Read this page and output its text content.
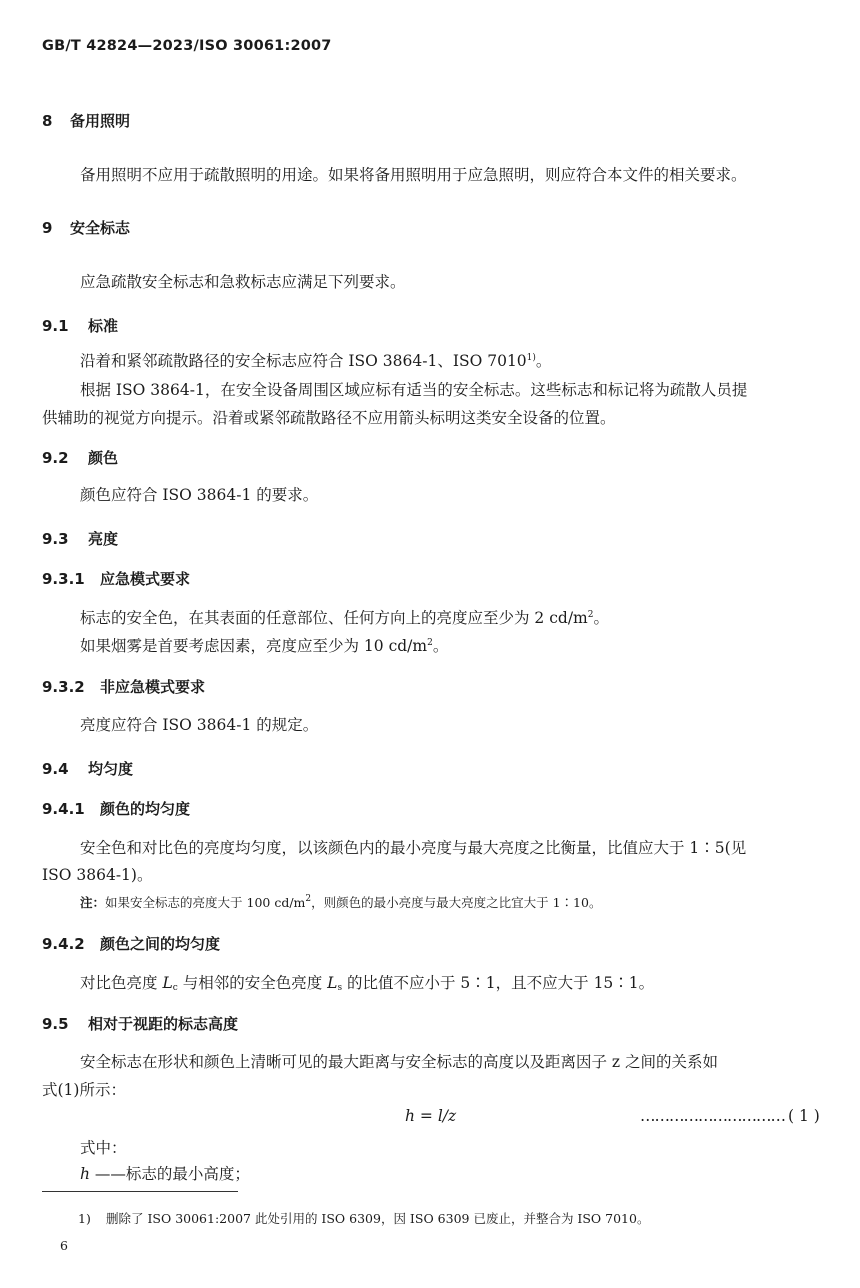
GB/T 42824—2023/ISO 30061:2007
8 备用照明
备用照明不应用于疏散照明的用途。如果将备用照明用于应急照明，则应符合本文件的相关要求。
9 安全标志
应急疏散安全标志和急救标志应满足下列要求。
9.1 标准
沿着和紧邻疏散路径的安全标志应符合 ISO 3864-1、ISO 7010$^{1)}$。
根据 ISO 3864-1，在安全设备周围区域应标有适当的安全标志。这些标志和标记将为疏散人员提
供辅助的视觉方向提示。沿着或紧邻疏散路径不应用箭头标明这类安全设备的位置。
9.2 颜色
颜色应符合 ISO 3864-1 的要求。
9.3 亮度
9.3.1 应急模式要求
标志的安全色，在其表面的任意部位、任何方向上的亮度应至少为 2 $cd/m^2$。
如果烟雾是首要考虑因素，亮度应至少为 10 $cd/m^2$。
9.3.2 非应急模式要求
亮度应符合 ISO 3864-1 的规定。
9.4 均匀度
9.4.1 颜色的均匀度
安全色和对比色的亮度均匀度，以该颜色内的最小亮度与最大亮度之比衡量，比值应大于 1∶5(见
ISO 3864-1)。
注：如果安全标志的亮度大于 100 $cd/m^2$，则颜色的最小亮度与最大亮度之比宜大于 1∶10。
9.4.2 颜色之间的均匀度
对比色亮度 $L_c$ 与相邻的安全色亮度 $L_s$ 的比值不应小于 5∶1，且不应大于 15∶1。
9.5 相对于视距的标志高度
安全标志在形状和颜色上清晰可见的最大距离与安全标志的高度以及距离因子 z 之间的关系如
式(1)所示：
h = l/z	………………………… ( 1 )
式中：
h ——标志的最小高度；
1) 删除了 ISO 30061:2007 此处引用的 ISO 6309，因 ISO 6309 已废止，并整合为 ISO 7010。
6
